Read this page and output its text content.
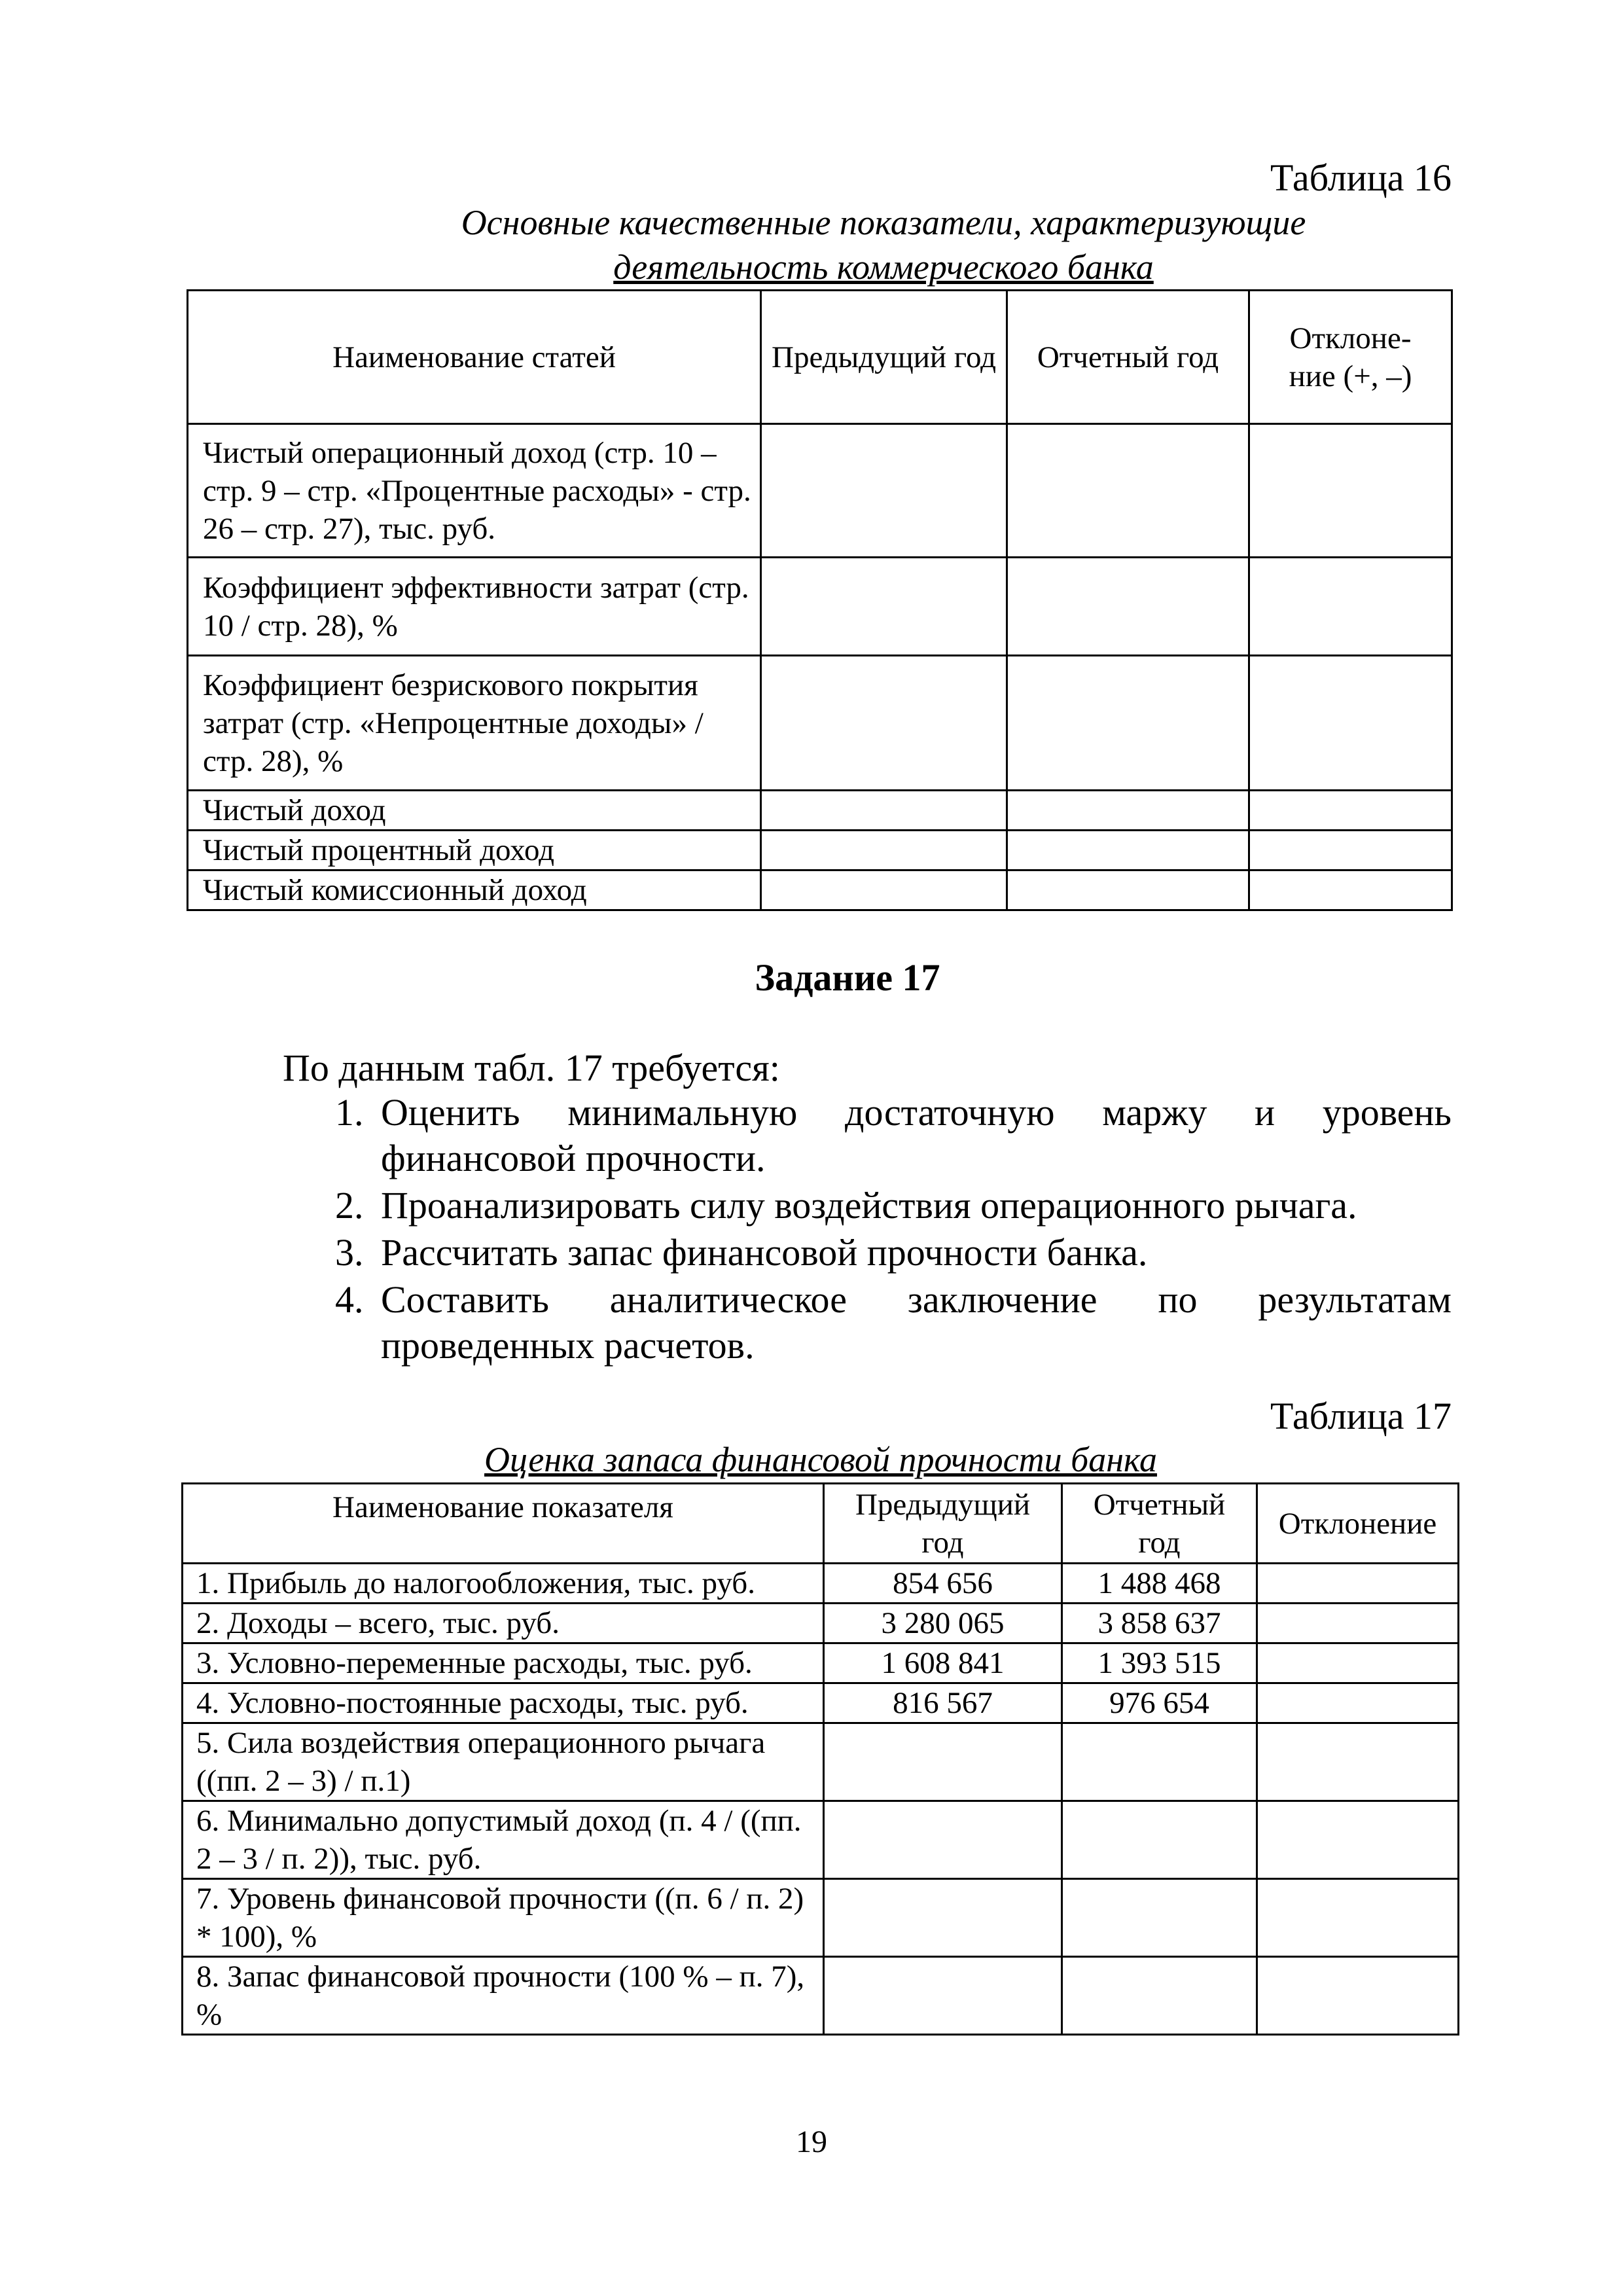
Таблица 16
Основные качественные показатели, характеризующие
деятельность коммерческого банка
Наименование статей	Предыдущий год	Отчетный год	Отклоне-ние (+, –)
Чистый операционный доход (стр. 10 – стр. 9 – стр. «Процентные расходы» - стр. 26 – стр. 27), тыс. руб.			
Коэффициент эффективности затрат (стр. 10 / стр. 28), %			
Коэффициент безрискового покрытия затрат (стр. «Непроцентные доходы» / стр. 28), %			
Чистый доход			
Чистый процентный доход			
Чистый комиссионный доход			
Задание 17
По данным табл. 17 требуется:
1. Оценить минимальную достаточную маржу и уровень финансовой прочности.
2. Проанализировать силу воздействия операционного рычага.
3. Рассчитать запас финансовой прочности банка.
4. Составить аналитическое заключение по результатам проведенных расчетов.
Таблица 17
Оценка запаса финансовой прочности банка
Наименование показателя	Предыдущий год	Отчетный год	Отклонение
1. Прибыль до налогообложения, тыс. руб.	854 656	1 488 468	
2. Доходы – всего, тыс. руб.	3 280 065	3 858 637	
3. Условно-переменные расходы, тыс. руб.	1 608 841	1 393 515	
4. Условно-постоянные расходы, тыс. руб.	816 567	976 654	
5. Сила воздействия операционного рычага ((пп. 2 – 3) / п.1)			
6. Минимально допустимый доход (п. 4 / ((пп. 2 – 3 / п. 2)), тыс. руб.			
7. Уровень финансовой прочности ((п. 6 / п. 2) * 100), %			
8. Запас финансовой прочности (100 % – п. 7), %			
19
